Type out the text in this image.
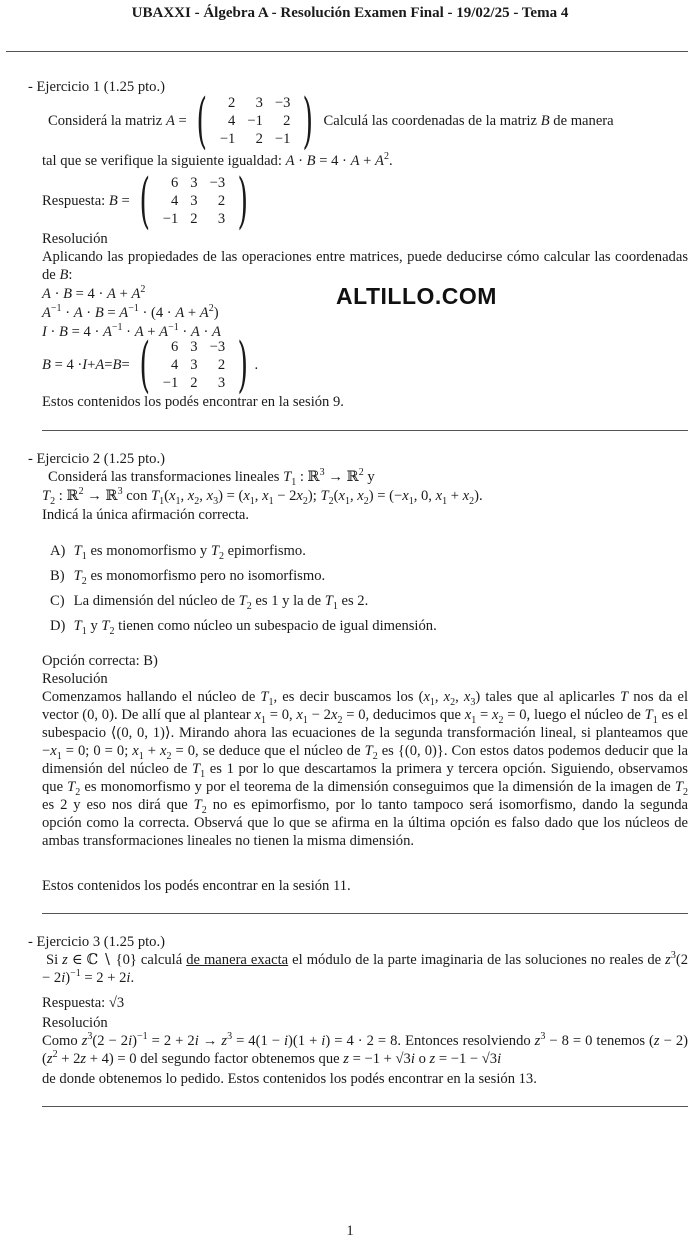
UBAXXI - Álgebra A - Resolución Examen Final - 19/02/25 - Tema 4
- Ejercicio 1 (1.25 pto.)
Considerá la matriz
A = ( 2	3	−3
4	−1	2
−1	2	−1 )
Calculá las coordenadas de la matriz
B
de manera
tal que se verifique la siguiente igualdad: $A \cdot B = 4 \cdot A + A^2$.
Respuesta:
B = ( 6	3	−3
4	3	2
−1	2	3 )
Resolución
Aplicando las propiedades de las operaciones entre matrices, puede deducirse cómo calcular las coordenadas de B:
$A \cdot B = 4 \cdot A + A^2$
$A^{-1} \cdot A \cdot B = A^{-1} \cdot (4 \cdot A + A^2)$
$I \cdot B = 4 \cdot A^{-1} \cdot A + A^{-1} \cdot A \cdot A$
B = 4 · I + A = B = ( 6	3	−3
4	3	2
−1	2	3 ) .
Estos contenidos los podés encontrar en la sesión 9.
ALTILLO.COM
- Ejercicio 2 (1.25 pto.)
Considerá las transformaciones lineales $T_1$ : ℝ$^3$ → ℝ$^2$ y
$T_2$ : ℝ$^2$ → ℝ$^3$ con $T_1(x_1$, $x_2$, $x_3) = (x_1$, $x_1 - 2x_2$); $T_2(x_1$, $x_2) = (-x_1$, 0, $x_1 + x_2$).
Indicá la única afirmación correcta.
A) $T_1$ es monomorfismo y $T_2$ epimorfismo.
B) $T_2$ es monomorfismo pero no isomorfismo.
C) La dimensión del núcleo de $T_2$ es 1 y la de $T_1$ es 2.
D) $T_1$ y $T_2$ tienen como núcleo un subespacio de igual dimensión.
Opción correcta: B)
Resolución
Comenzamos hallando el núcleo de $T_1$, es decir buscamos los ($x_1$, $x_2$, $x_3$) tales que al aplicarles T nos da el vector (0, 0). De allí que al plantear $x_1 = 0$, $x_1 - 2x_2 = 0$, deducimos que $x_1 = x_2 = 0$, luego el núcleo de $T_1$ es el subespacio ⟨(0, 0, 1)⟩. Mirando ahora las ecuaciones de la segunda transformación lineal, si planteamos que $-x_1 = 0$; 0 = 0; $x_1 + x_2 = 0$, se deduce que el núcleo de $T_2$ es {(0, 0)}. Con estos datos podemos deducir que la dimensión del núcleo de $T_1$ es 1 por lo que descartamos la primera y tercera opción. Siguiendo, observamos que $T_2$ es monomorfismo y por el teorema de la dimensión conseguimos que la dimensión de la imagen de $T_2$ es 2 y eso nos dirá que $T_2$ no es epimorfismo, por lo tanto tampoco será isomorfismo, dando la segunda opción como la correcta. Observá que lo que se afirma en la última opción es falso dado que los núcleos de ambas transformaciones lineales no tienen la misma dimensión.
Estos contenidos los podés encontrar en la sesión 11.
- Ejercicio 3 (1.25 pto.)
Si z ∈ ℂ ∖ {0} calculá de manera exacta el módulo de la parte imaginaria de las soluciones no reales de $z^3(2 - 2i)^{-1} = 2 + 2i$.
Respuesta: √3
Resolución
Como $z^3(2 - 2i)^{-1} = 2 + 2i \to z^3 = 4(1 - i)(1 + i) = 4 \cdot 2 = 8$. Entonces resolviendo $z^3 - 8 = 0$ tenemos $(z - 2)(z^2 + 2z + 4) = 0$ del segundo factor obtenemos que z = −1 + √3i o z = −1 − √3i
de donde obtenemos lo pedido. Estos contenidos los podés encontrar en la sesión 13.
1
